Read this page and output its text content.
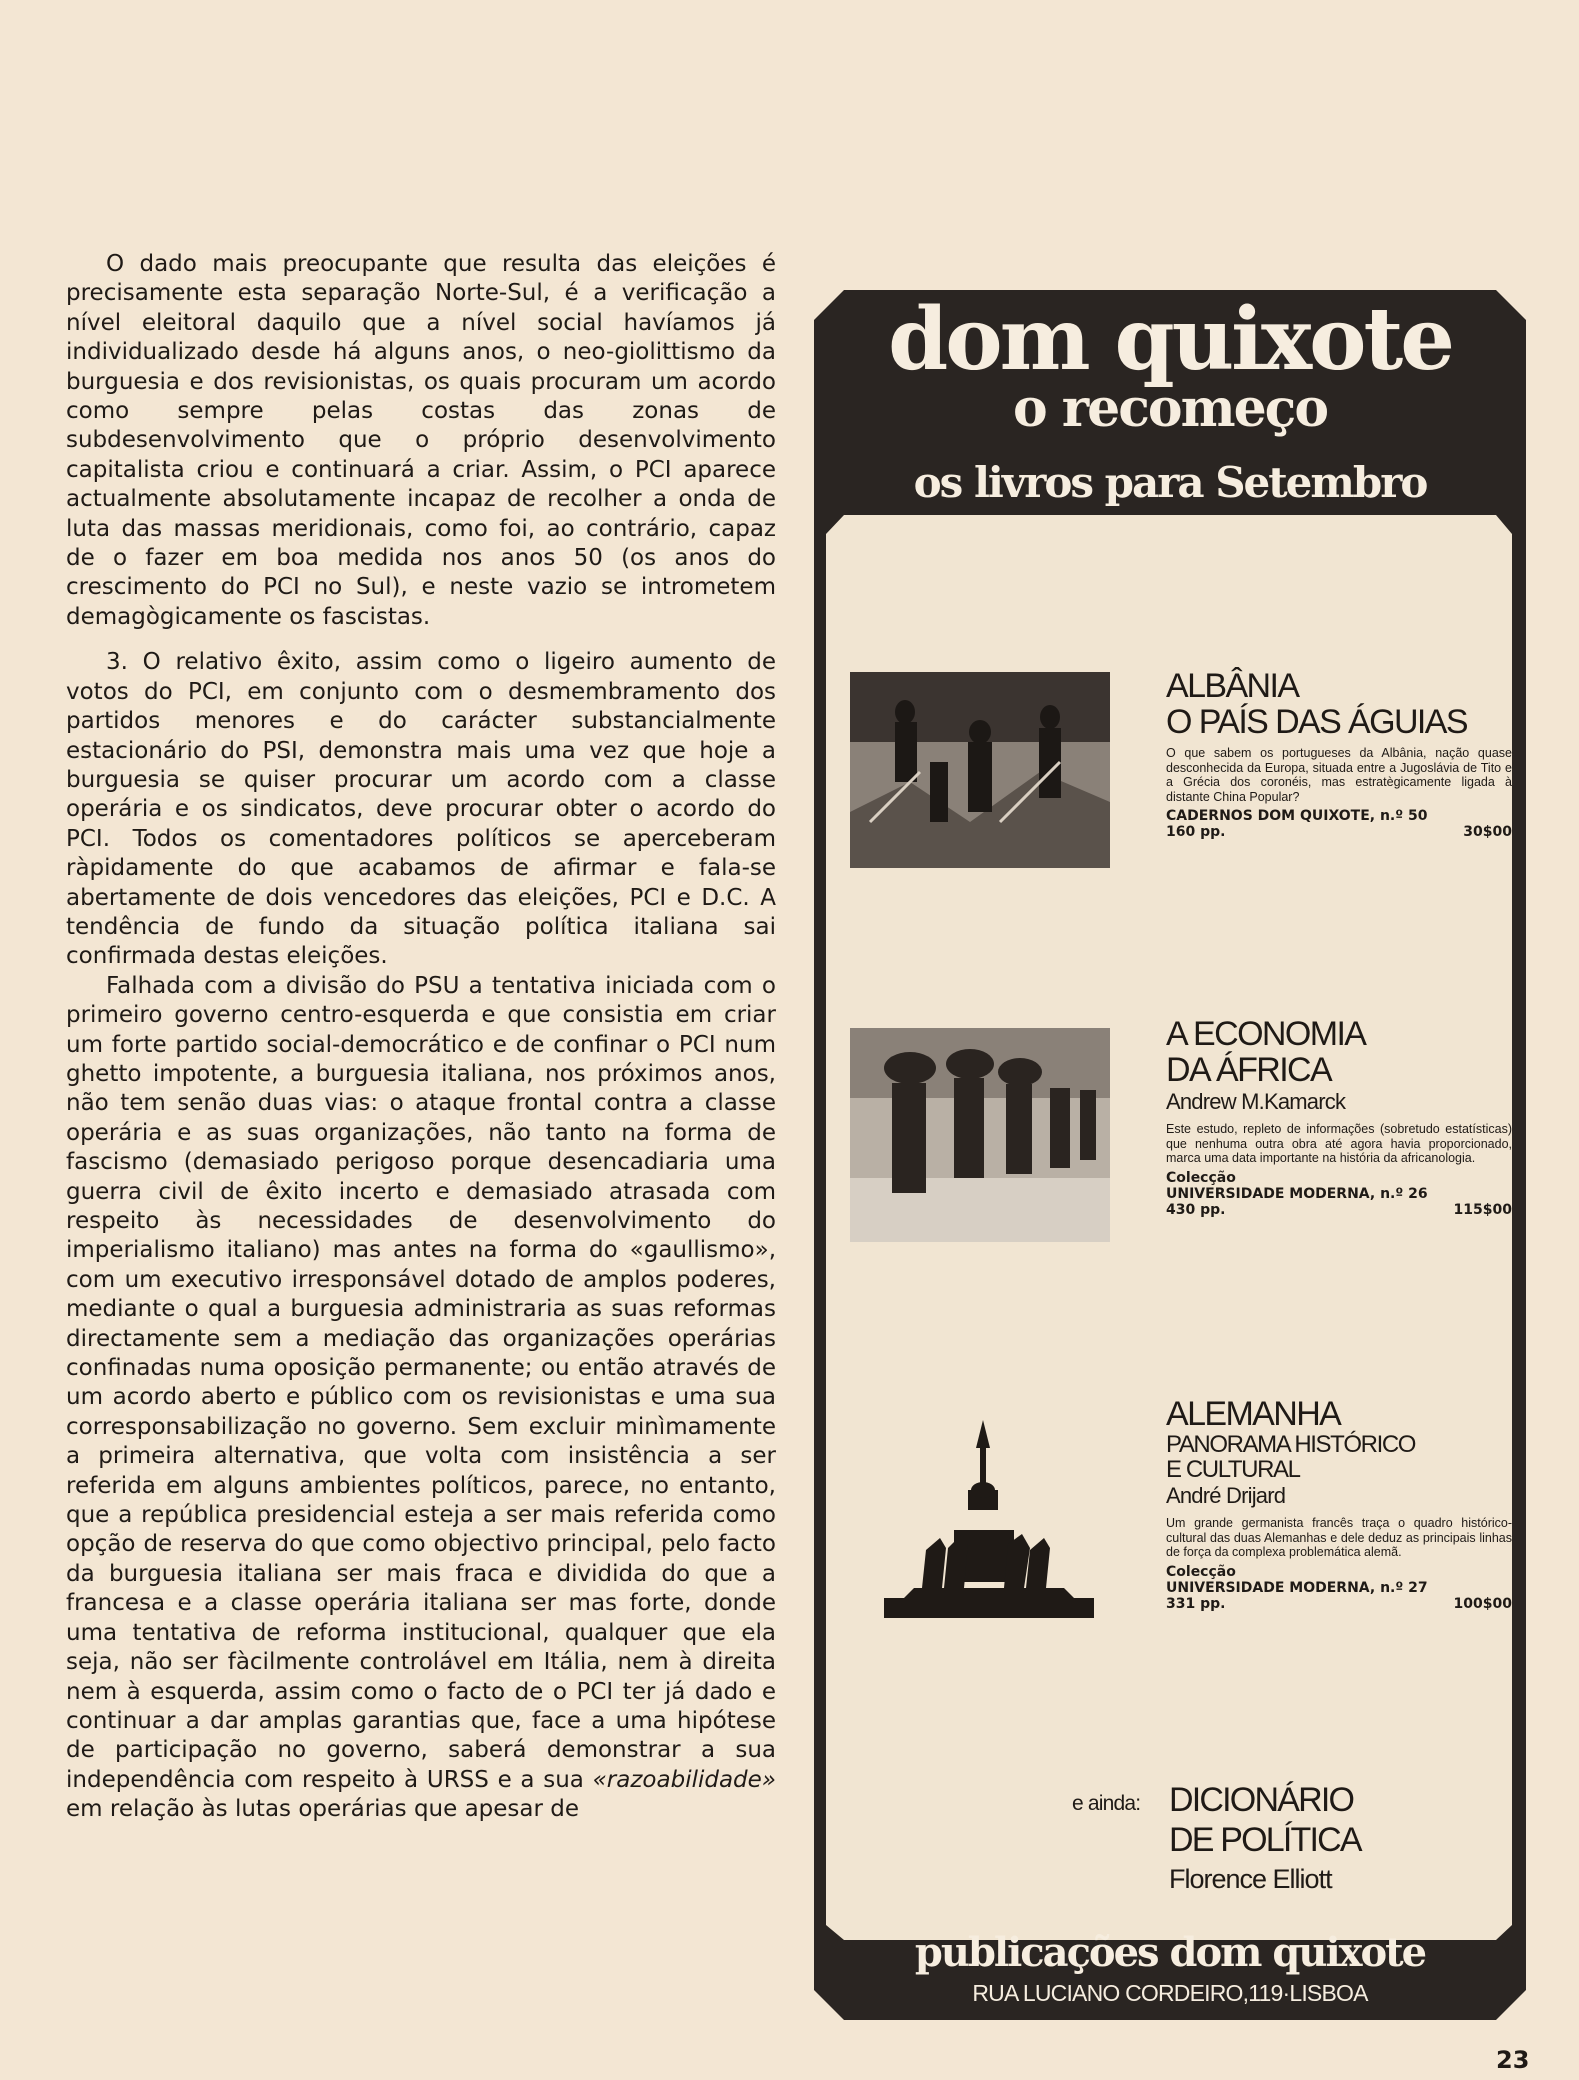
O dado mais preocupante que resulta das eleições é precisamente esta separação Norte-Sul, é a verificação a nível eleitoral daquilo que a nível social havíamos já individualizado desde há alguns anos, o neo-giolittismo da burguesia e dos revisionistas, os quais procuram um acordo como sempre pelas costas das zonas de subdesenvolvimento que o próprio desenvolvimento capitalista criou e continuará a criar. Assim, o PCI aparece actualmente absolutamente incapaz de recolher a onda de luta das massas meridionais, como foi, ao contrário, capaz de o fazer em boa medida nos anos 50 (os anos do crescimento do PCI no Sul), e neste vazio se intrometem demagògicamente os fascistas.

3. O relativo êxito, assim como o ligeiro aumento de votos do PCI, em conjunto com o desmembramento dos partidos menores e do carácter substancialmente estacionário do PSI, demonstra mais uma vez que hoje a burguesia se quiser procurar um acordo com a classe operária e os sindicatos, deve procurar obter o acordo do PCI. Todos os comentadores políticos se aperceberam ràpidamente do que acabamos de afirmar e fala-se abertamente de dois vencedores das eleições, PCI e D.C. A tendência de fundo da situação política italiana sai confirmada destas eleições.

Falhada com a divisão do PSU a tentativa iniciada com o primeiro governo centro-esquerda e que consistia em criar um forte partido social-democrático e de confinar o PCI num ghetto impotente, a burguesia italiana, nos próximos anos, não tem senão duas vias: o ataque frontal contra a classe operária e as suas organizações, não tanto na forma de fascismo (demasiado perigoso porque desencadiaria uma guerra civil de êxito incerto e demasiado atrasada com respeito às necessidades de desenvolvimento do imperialismo italiano) mas antes na forma do «gaullismo», com um executivo irresponsável dotado de amplos poderes, mediante o qual a burguesia administraria as suas reformas directamente sem a mediação das organizações operárias confinadas numa oposição permanente; ou então através de um acordo aberto e público com os revisionistas e uma sua corresponsabilização no governo. Sem excluir minìmamente a primeira alternativa, que volta com insistência a ser referida em alguns ambientes políticos, parece, no entanto, que a república presidencial esteja a ser mais referida como opção de reserva do que como objectivo principal, pelo facto da burguesia italiana ser mais fraca e dividida do que a francesa e a classe operária italiana ser mas forte, donde uma tentativa de reforma institucional, qualquer que ela seja, não ser fàcilmente controlável em Itália, nem à direita nem à esquerda, assim como o facto de o PCI ter já dado e continuar a dar amplas garantias que, face a uma hipótese de participação no governo, saberá demonstrar a sua independência com respeito à URSS e a sua «razoabilidade» em relação às lutas operárias que apesar de

dom quixote
o recomeço
os livros para Setembro
ALBÂNIA
O PAÍS DAS ÁGUIAS
O que sabem os portugueses da Albânia, nação quase desconhecida da Europa, situada entre a Jugoslávia de Tito e a Grécia dos coronéis, mas estratègicamente ligada à distante China Popular?
CADERNOS DOM QUIXOTE, n.º 50
160 pp.	30$00
A ECONOMIA
DA ÁFRICA
Andrew M.Kamarck
Este estudo, repleto de informações (sobretudo estatísticas) que nenhuma outra obra até agora havia proporcionado, marca uma data importante na história da africanologia.
Colecção
UNIVERSIDADE MODERNA, n.º 26
430 pp.	115$00
ALEMANHA
PANORAMA HISTÓRICO
E CULTURAL
André Drijard
Um grande germanista francês traça o quadro histórico-cultural das duas Alemanhas e dele deduz as principais linhas de força da complexa problemática alemã.
Colecção
UNIVERSIDADE MODERNA, n.º 27
331 pp.	100$00
e ainda: DICIONÁRIO
DE POLÍTICA
Florence Elliott
publicações dom quixote
RUA LUCIANO CORDEIRO,119·LISBOA
23
